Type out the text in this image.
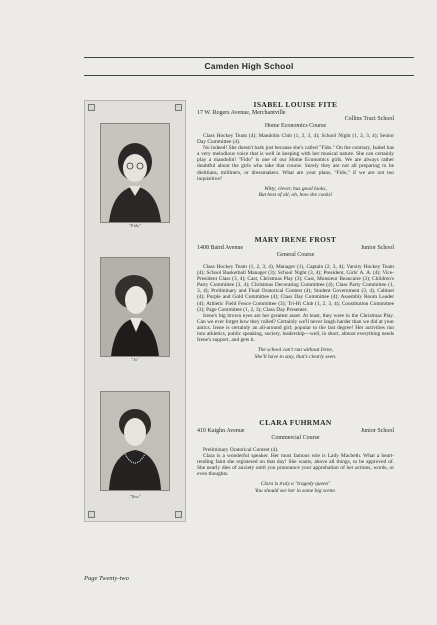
Camden High School
"Fido"
"Jo"
"Tess"
ISABEL LOUISE FITE
17 W. Rogers Avenue, Merchantville
Collins Tract School
Home Economics Course

Class Hockey Team (4); Mandolin Club (1, 2, 3, 4); School Night (1, 2, 3, 4); Senior Day Committee (4).

No indeed! She doesn't bark just because she's called "Fido." On the contrary, Isabel has a very melodious voice that is well in keeping with her musical nature. She can certainly play a mandolin! "Fido" is one of our Home Economics girls. We are always rather doubtful about the girls who take that course. Surely they are not all preparing to be dietitians, milliners, or dressmakers. What are your plans, "Fido," if we are not too inquisitive?

Witty, clever, has good looks,
But best of all, oh, how she cooks!
MARY IRENE FROST
1408 Baird Avenue	Junior School
General Course

Class Hockey Team (1, 2, 3, 4), Manager (1), Captain (2, 3, 4); Varsity Hockey Team (4); School Basketball Manager (3); School Night (3, 4); President, Girls' A. A. (4); Vice-President Class (3, 4); Cast, Christmas Play (3); Cast, Monsieur Beaucaire (3); Children's Party Committee (3, 4); Christmas Decorating Committee (4); Class Party Committee (1, 3, 4); Preliminary and Final Oratorical Contest (4); Student Government (3, 4), Cabinet (4); Purple and Gold Committee (4); Class Day Committee (4); Assembly Room Leader (4); Athletic Field Fence Committee (3); Tri-Hi Club (1, 2, 3, 4); Constitution Committee (3); Page Committee (1, 2, 3); Class Day Presenter.

Irene's big brown eyes are her greatest asset. At least, they were in the Christmas Play. Can we ever forget how they rolled? Certainly we'll never laugh harder than we did at your antics. Irene is certainly an all-around girl; popular to the last degree! Her activities run into athletics, public speaking, society, leadership—well, in short, almost everything needs Irene's support, and gets it.

The school can't run without Irene,
She'll have to stay, that's clearly seen.
CLARA FUHRMAN
410 Kaighn Avenue	Junior School
Commercial Course

Preliminary Oratorical Contest (4).

Clara is a wonderful speaker. Her most famous role is Lady Macbeth. What a heart-rending faint she registered on that day! She wants, above all things, to be approved of. She nearly dies of anxiety until you pronounce your approbation of her actions, words, or even thoughts.

Clara is truly a "tragedy queen"
You should see her in some big scene.
Page Twenty-two
